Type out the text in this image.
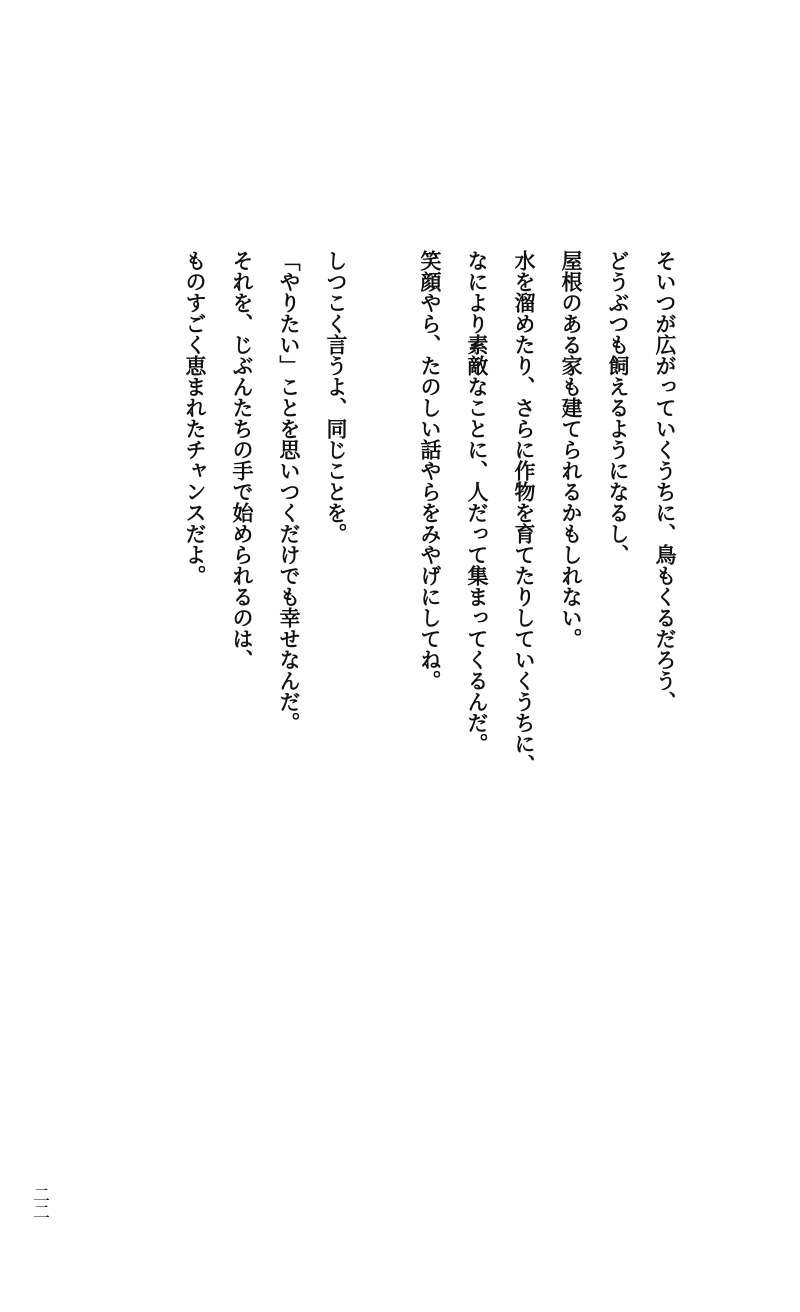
そいつが広がっていくうちに、鳥もくるだろう、
どうぶつも飼えるようになるし、
屋根のある家も建てられるかもしれない。
水を溜めたり、さらに作物を育てたりしていくうちに、
なにより素敵なことに、人だって集まってくるんだ。
笑顔やら、たのしい話やらをみやげにしてね。
しつこく言うよ、同じことを。
「やりたい」ことを思いつくだけでも幸せなんだ。
それを、じぶんたちの手で始められるのは、
ものすごく恵まれたチャンスだよ。
二二
